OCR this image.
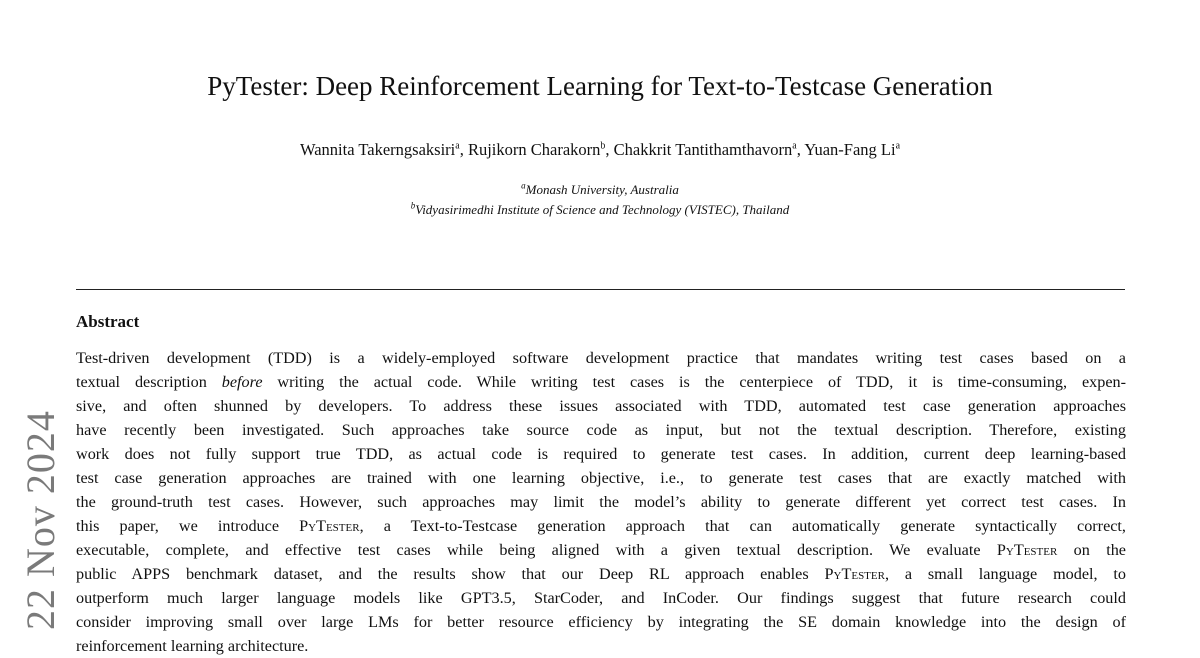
PyTester: Deep Reinforcement Learning for Text-to-Testcase Generation
Wannita Takerngsaksiri$^a$, Rujikorn Charakorn$^b$, Chakkrit Tantithamthavorn$^a$, Yuan-Fang Li$^a$
$^a$Monash University, Australia
$^b$Vidyasirimedhi Institute of Science and Technology (VISTEC), Thailand
Abstract
Test-driven development (TDD) is a widely-employed software development practice that mandates writing test cases based on a
textual description before writing the actual code. While writing test cases is the centerpiece of TDD, it is time-consuming, expen-
sive, and often shunned by developers. To address these issues associated with TDD, automated test case generation approaches
have recently been investigated. Such approaches take source code as input, but not the textual description. Therefore, existing
work does not fully support true TDD, as actual code is required to generate test cases. In addition, current deep learning-based
test case generation approaches are trained with one learning objective, i.e., to generate test cases that are exactly matched with
the ground-truth test cases. However, such approaches may limit the model’s ability to generate different yet correct test cases. In
this paper, we introduce PyTester, a Text-to-Testcase generation approach that can automatically generate syntactically correct,
executable, complete, and effective test cases while being aligned with a given textual description. We evaluate PyTester on the
public APPS benchmark dataset, and the results show that our Deep RL approach enables PyTester, a small language model, to
outperform much larger language models like GPT3.5, StarCoder, and InCoder. Our findings suggest that future research could
consider improving small over large LMs for better resource efficiency by integrating the SE domain knowledge into the design of
reinforcement learning architecture.
22 Nov 2024
